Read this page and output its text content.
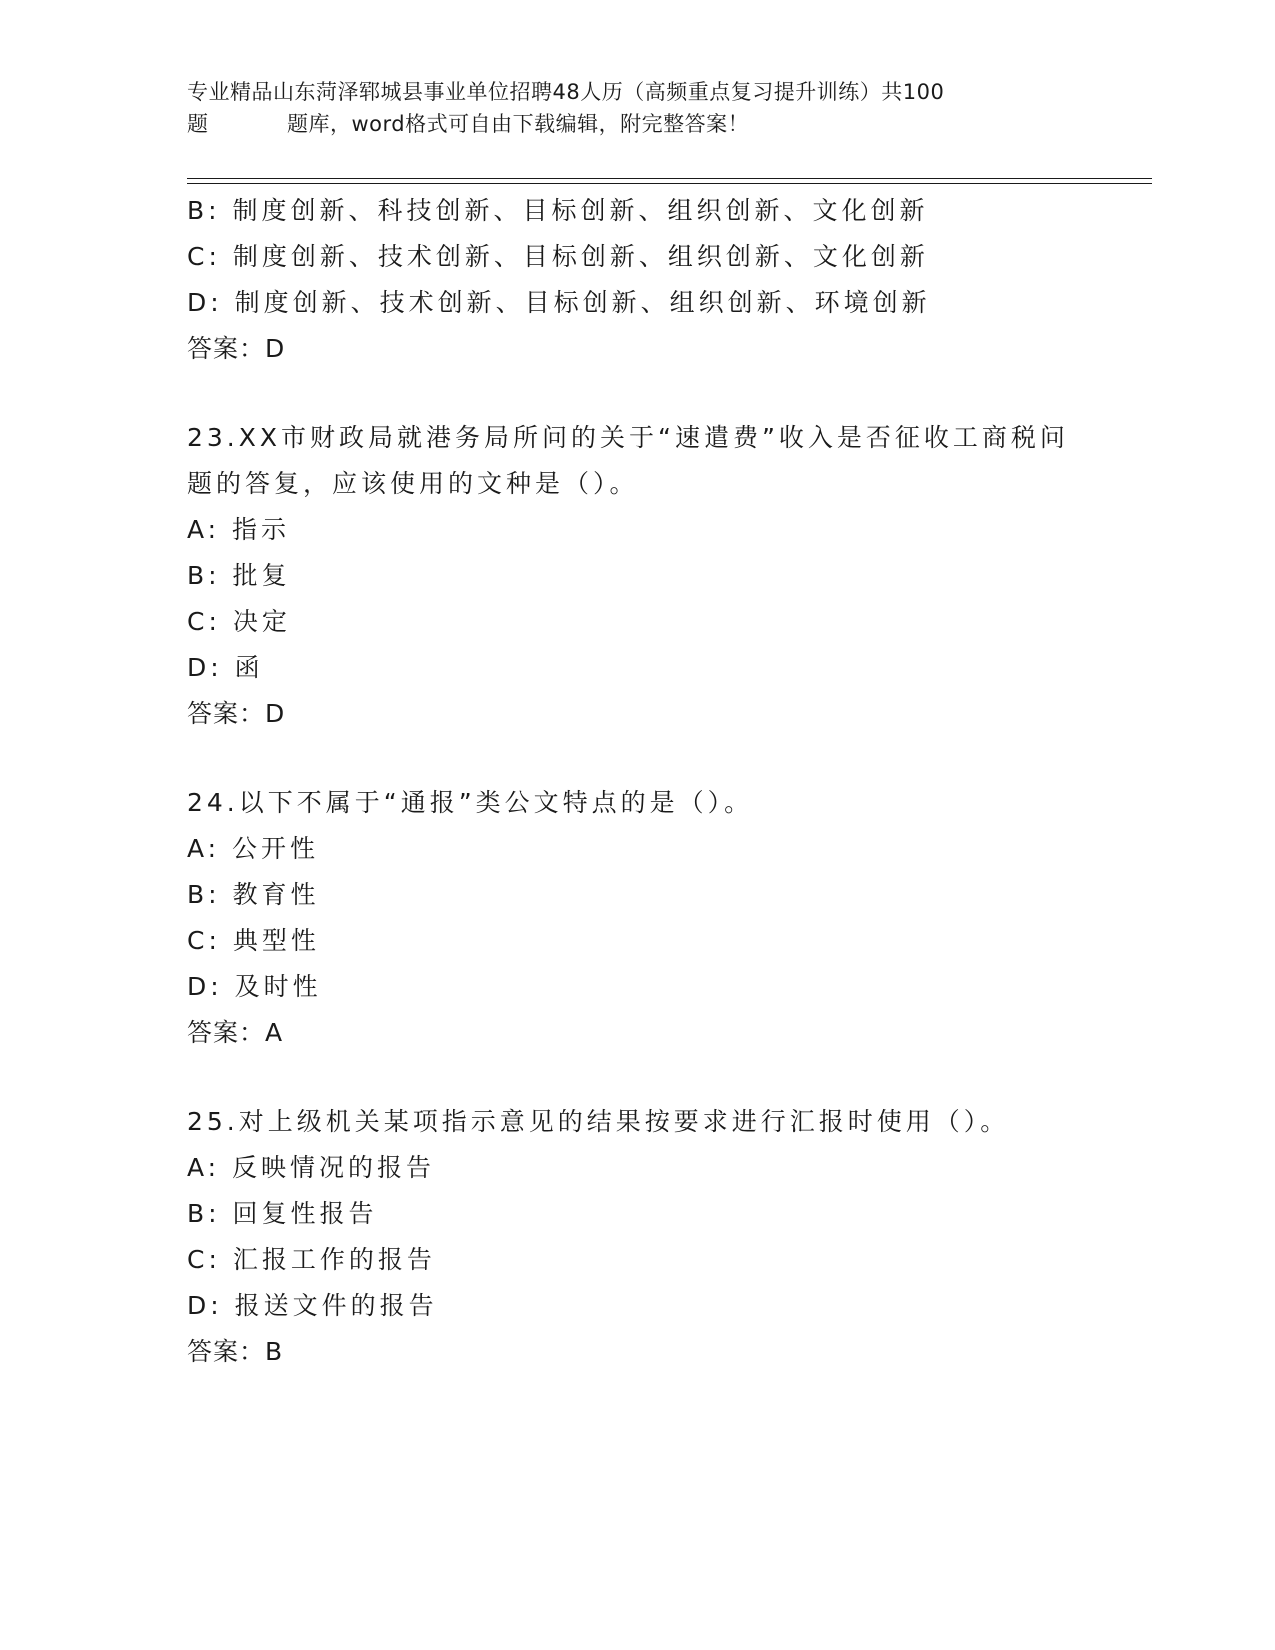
专业精品山东菏泽郓城县事业单位招聘48人历（高频重点复习提升训练）共100
题	题库，word格式可自由下载编辑，附完整答案！
B: 制度创新、科技创新、目标创新、组织创新、文化创新
C: 制度创新、技术创新、目标创新、组织创新、文化创新
D: 制度创新、技术创新、目标创新、组织创新、环境创新
答案：D
23.XX市财政局就港务局所问的关于“速遣费”收入是否征收工商税问
题的答复，应该使用的文种是（）。
A: 指示
B: 批复
C: 决定
D: 函
答案：D
24.以下不属于“通报”类公文特点的是（）。
A: 公开性
B: 教育性
C: 典型性
D: 及时性
答案：A
25.对上级机关某项指示意见的结果按要求进行汇报时使用（）。
A: 反映情况的报告
B: 回复性报告
C: 汇报工作的报告
D: 报送文件的报告
答案：B
